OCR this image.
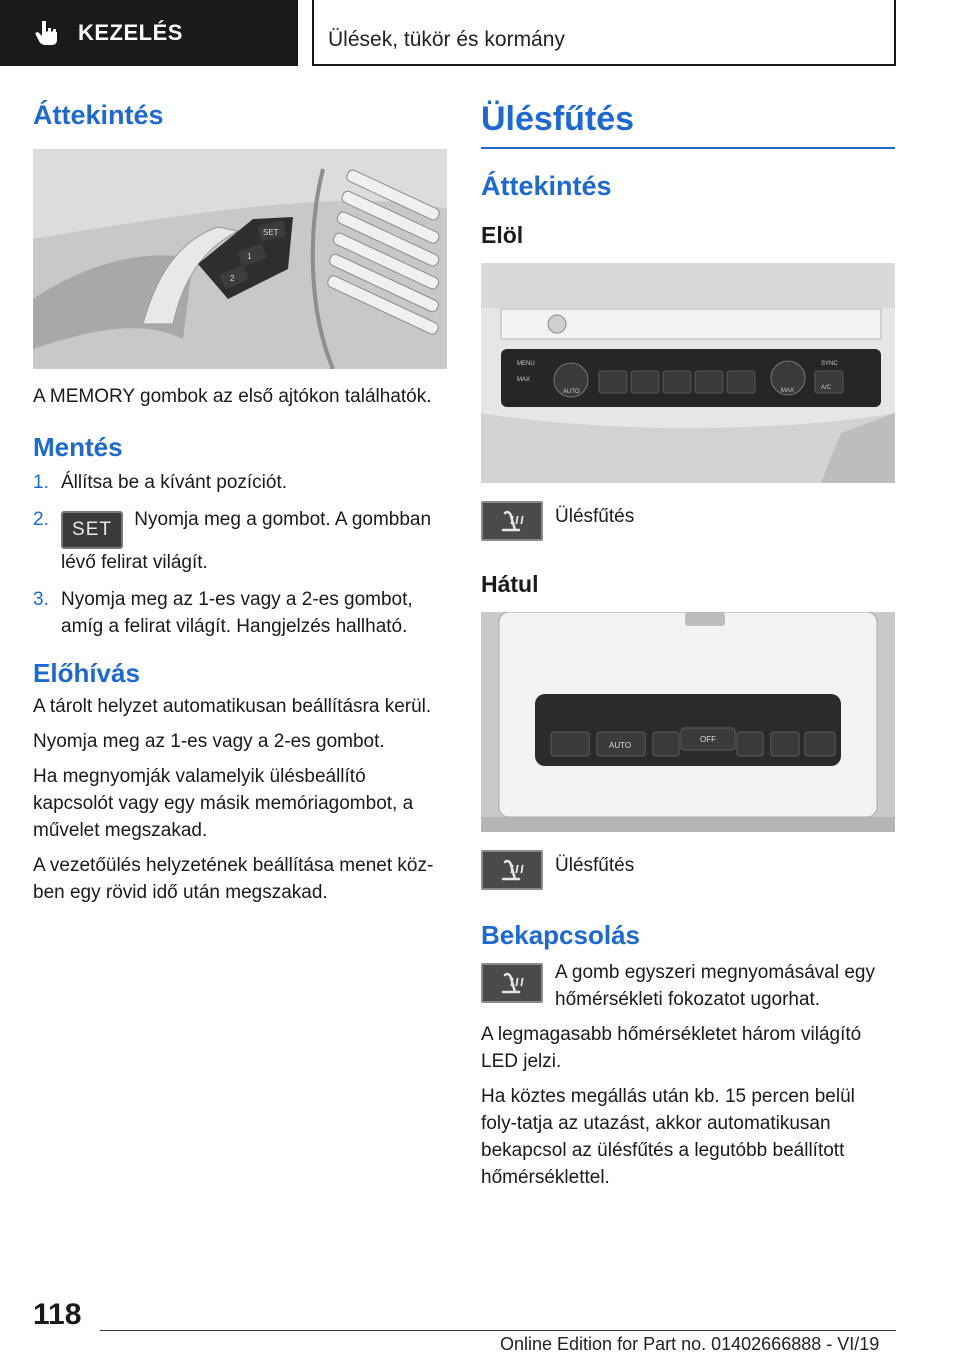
KEZELÉS	Ülések, tükör és kormány
Áttekintés
SET
1
2

A MEMORY gombok az első ajtókon találhatók.

Mentés
1. Állítsa be a kívánt pozíciót.
2. SET Nyomja meg a gombot. A gombban lévő felirat világít.
3. Nyomja meg az 1-es vagy a 2-es gombot, amíg a felirat világít. Hangjelzés hallható.
Előhívás

A tárolt helyzet automatikusan beállításra kerül.

Nyomja meg az 1-es vagy a 2-es gombot.

Ha megnyomják valamelyik ülésbeállító kapcsolót vagy egy másik memóriagombot, a művelet megszakad.

A vezetőülés helyzetének beállítása menet köz-ben egy rövid idő után megszakad.

Ülésfűtés
Áttekintés
Elöl
MENU
MAX
AUTO
SYNC
MAX	A/C
Ülésfűtés
Hátul
AUTO
OFF
Ülésfűtés
Bekapcsolás
A gomb egyszeri megnyomásával egy hőmérsékleti fokozatot ugorhat.

A legmagasabb hőmérsékletet három világító LED jelzi.

Ha köztes megállás után kb. 15 percen belül foly-tatja az utazást, akkor automatikusan bekapcsol az ülésfűtés a legutóbb beállított hőmérséklettel.

118
Online Edition for Part no. 01402666888 - VI/19
